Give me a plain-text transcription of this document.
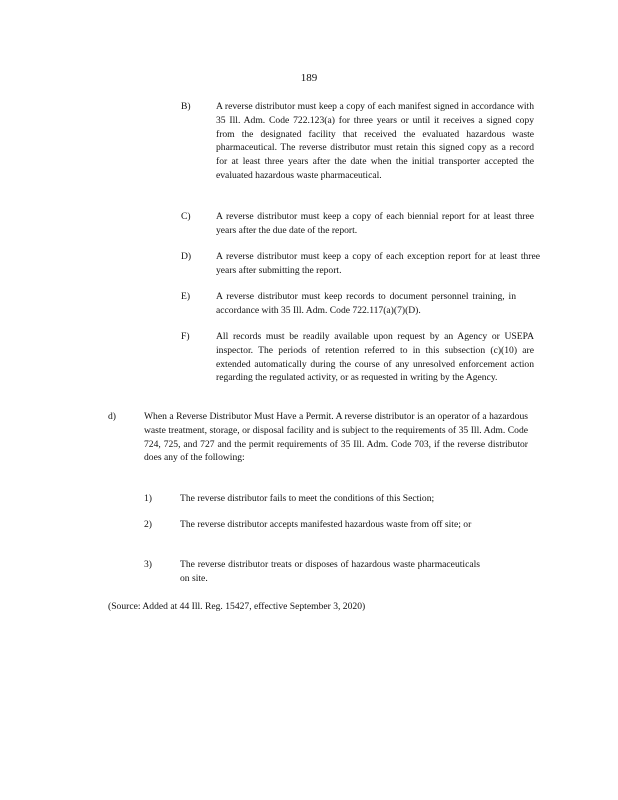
189
B)	A reverse distributor must keep a copy of each manifest signed in accordance with 35 Ill. Adm. Code 722.123(a) for three years or until it receives a signed copy from the designated facility that received the evaluated hazardous waste pharmaceutical. The reverse distributor must retain this signed copy as a record for at least three years after the date when the initial transporter accepted the evaluated hazardous waste pharmaceutical.
C)	A reverse distributor must keep a copy of each biennial report for at least three years after the due date of the report.
D)	A reverse distributor must keep a copy of each exception report for at least three years after submitting the report.
E)	A reverse distributor must keep records to document personnel training, in accordance with 35 Ill. Adm. Code 722.117(a)(7)(D).
F)	All records must be readily available upon request by an Agency or USEPA inspector. The periods of retention referred to in this subsection (c)(10) are extended automatically during the course of any unresolved enforcement action regarding the regulated activity, or as requested in writing by the Agency.
d)	When a Reverse Distributor Must Have a Permit. A reverse distributor is an operator of a hazardous waste treatment, storage, or disposal facility and is subject to the requirements of 35 Ill. Adm. Code 724, 725, and 727 and the permit requirements of 35 Ill. Adm. Code 703, if the reverse distributor does any of the following:
1)	The reverse distributor fails to meet the conditions of this Section;
2)	The reverse distributor accepts manifested hazardous waste from off site; or
3)	The reverse distributor treats or disposes of hazardous waste pharmaceuticals on site.
(Source: Added at 44 Ill. Reg. 15427, effective September 3, 2020)
